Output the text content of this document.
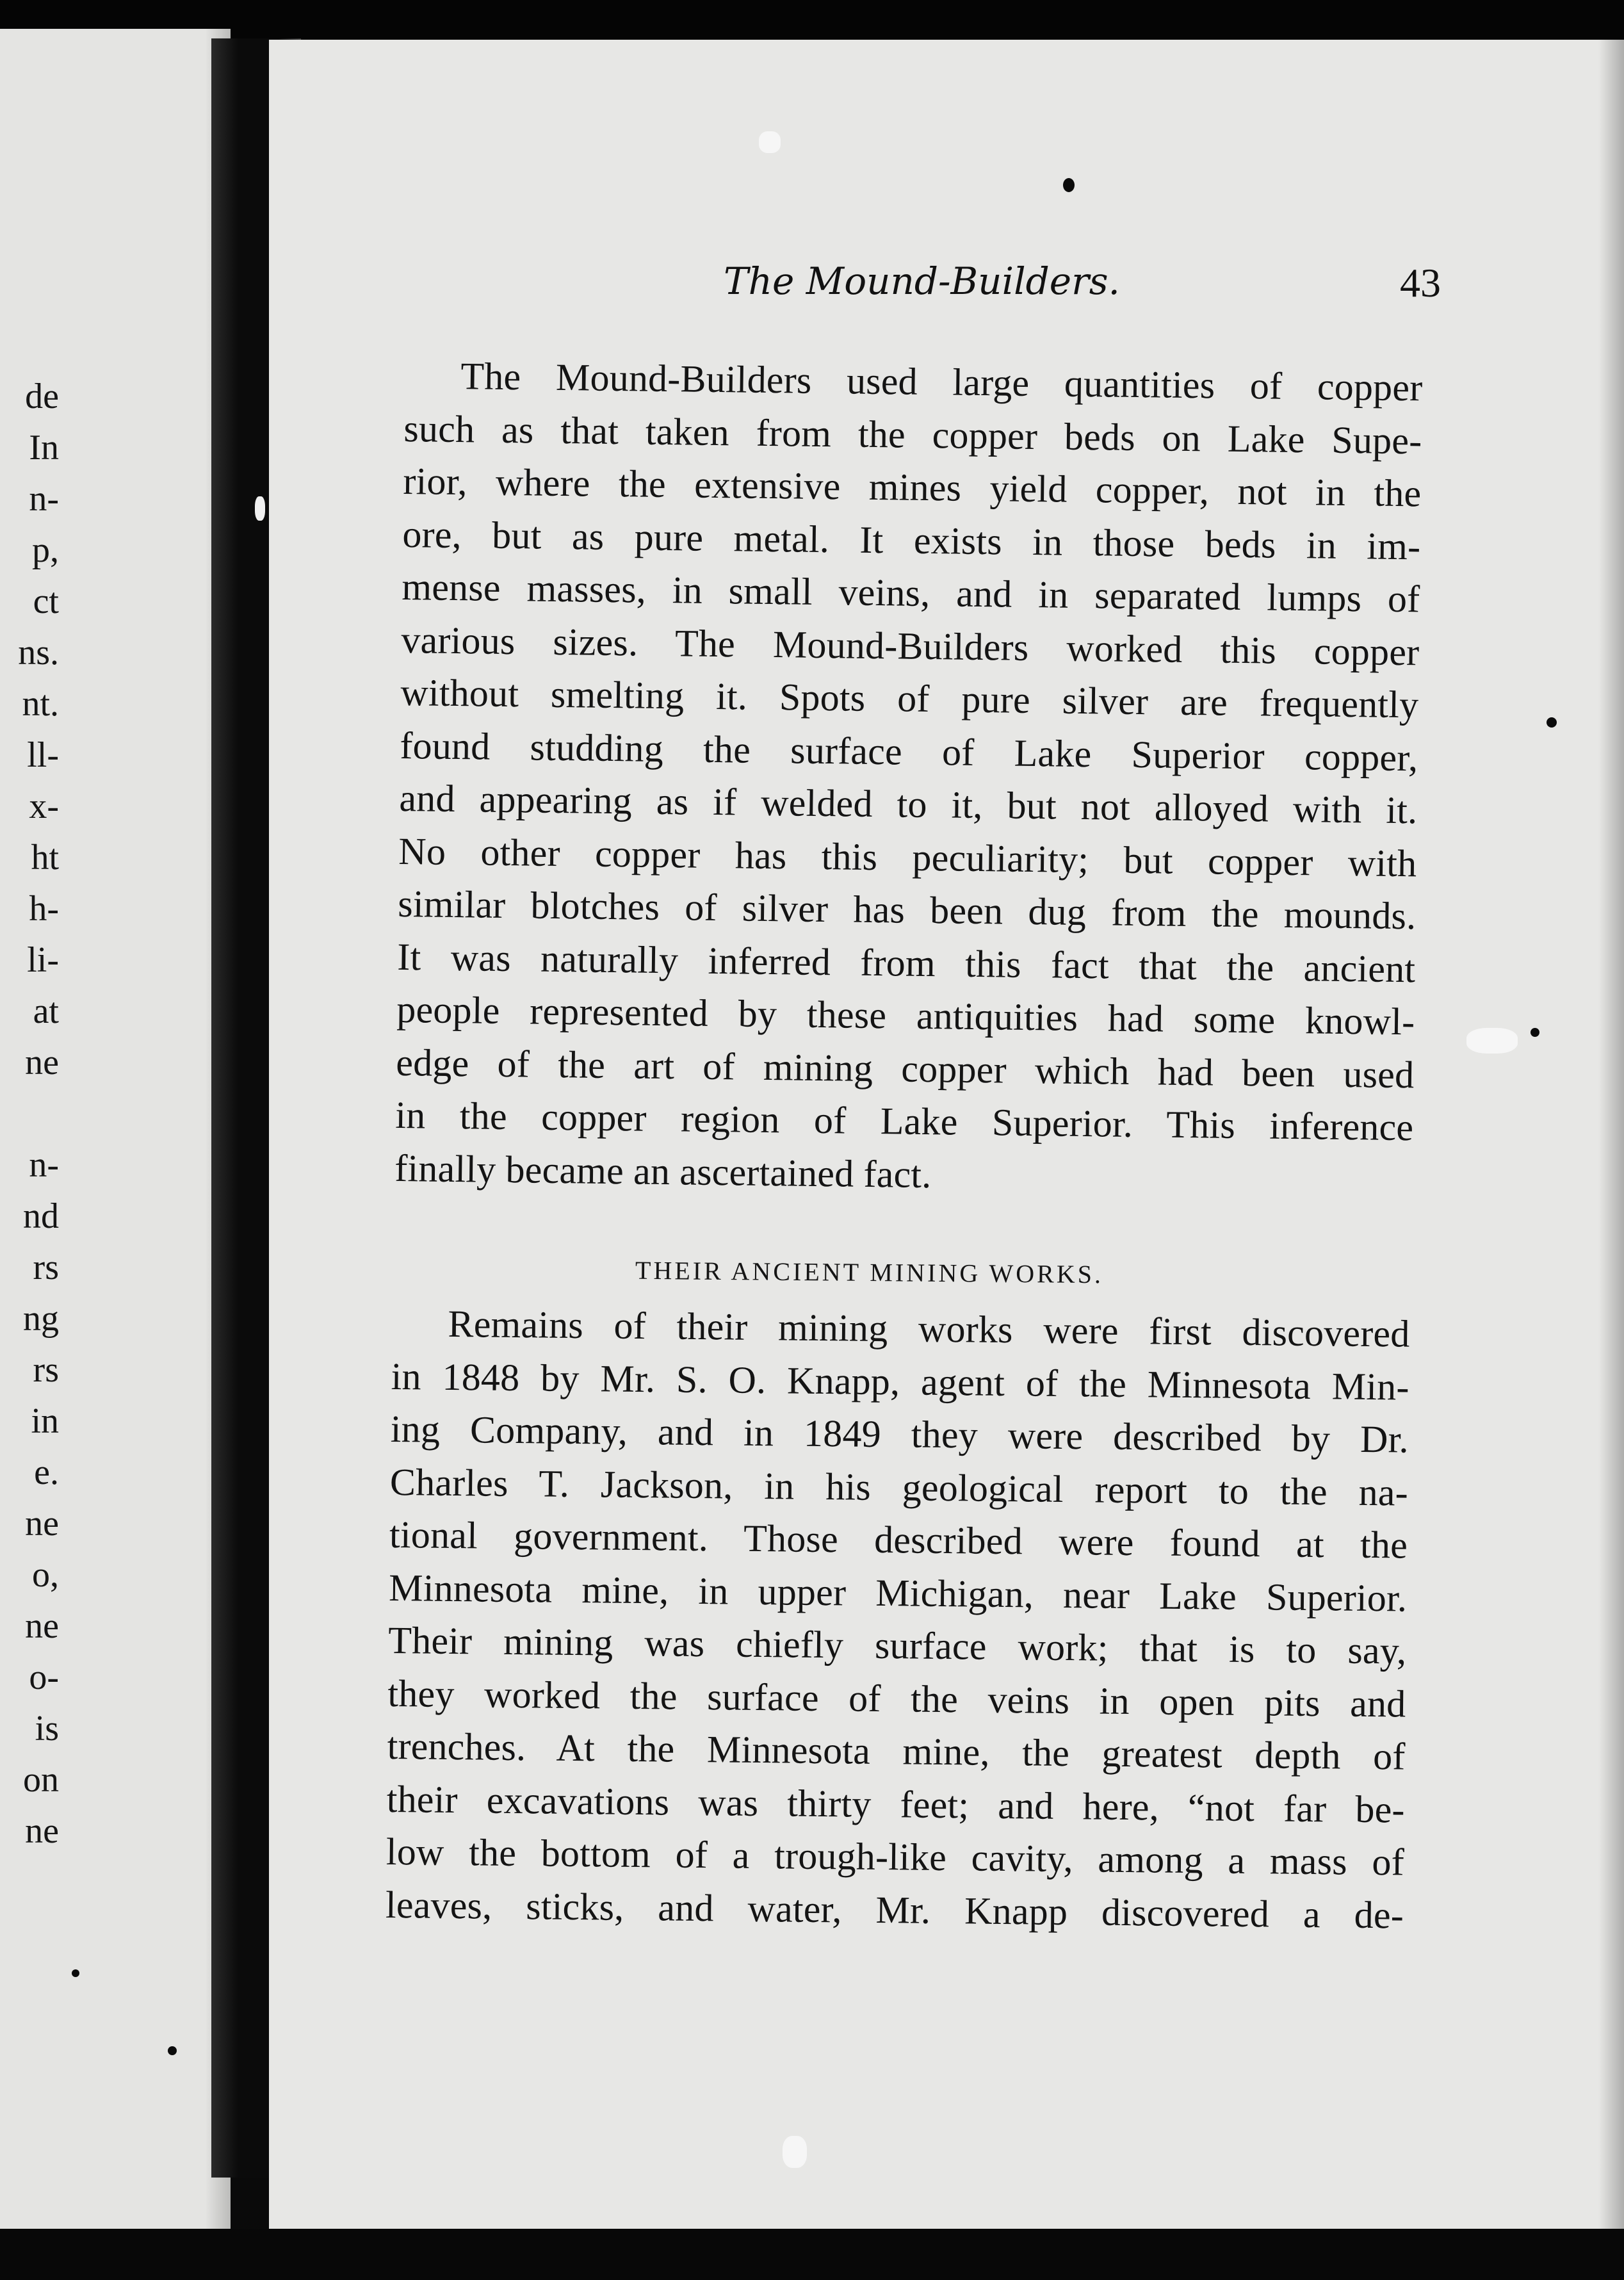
de
In
n-
p,
ct
ns.
nt.
ll-
x-
ht
h-
li-
at
ne
n-
nd
rs
ng
rs
in
e.
ne
o,
ne
o-
is
on
ne
The Mound-Builders.	43
The Mound-Builders used large quantities of copper
such as that taken from the copper beds on Lake Supe-
rior, where the extensive mines yield copper, not in the
ore, but as pure metal. It exists in those beds in im-
mense masses, in small veins, and in separated lumps of
various sizes. The Mound-Builders worked this copper
without smelting it. Spots of pure silver are frequently
found studding the surface of Lake Superior copper,
and appearing as if welded to it, but not alloyed with it.
No other copper has this peculiarity; but copper with
similar blotches of silver has been dug from the mounds.
It was naturally inferred from this fact that the ancient
people represented by these antiquities had some knowl-
edge of the art of mining copper which had been used
in the copper region of Lake Superior. This inference
finally became an ascertained fact.
THEIR ANCIENT MINING WORKS.
Remains of their mining works were first discovered
in 1848 by Mr. S. O. Knapp, agent of the Minnesota Min-
ing Company, and in 1849 they were described by Dr.
Charles T. Jackson, in his geological report to the na-
tional government. Those described were found at the
Minnesota mine, in upper Michigan, near Lake Superior.
Their mining was chiefly surface work; that is to say,
they worked the surface of the veins in open pits and
trenches. At the Minnesota mine, the greatest depth of
their excavations was thirty feet; and here, “not far be-
low the bottom of a trough-like cavity, among a mass of
leaves, sticks, and water, Mr. Knapp discovered a de-
